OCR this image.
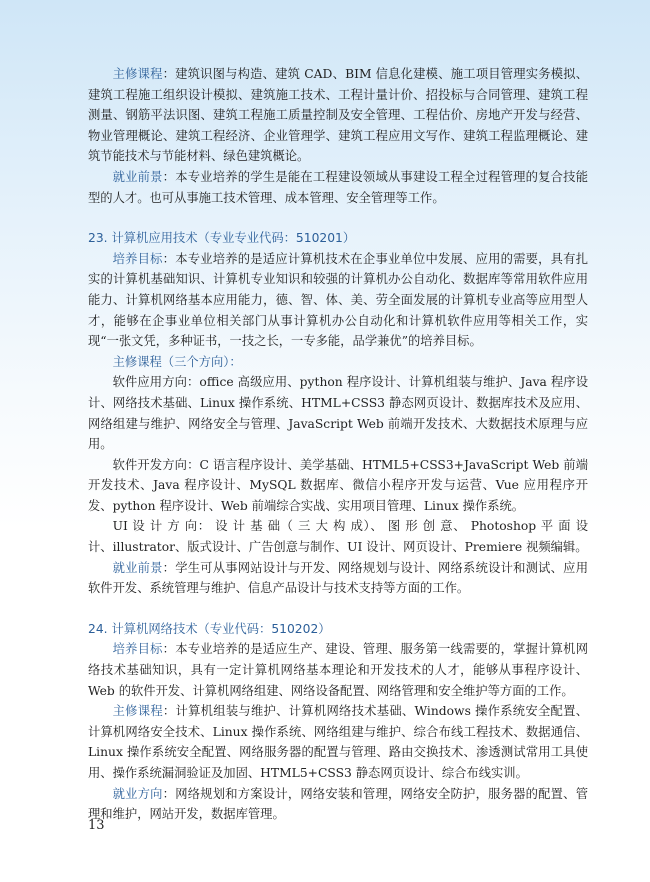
主修课程：建筑识图与构造、建筑 CAD、BIM 信息化建模、施工项目管理实务模拟、建筑工程施工组织设计模拟、建筑施工技术、工程计量计价、招投标与合同管理、建筑工程测量、钢筋平法识图、建筑工程施工质量控制及安全管理、工程估价、房地产开发与经营、物业管理概论、建筑工程经济、企业管理学、建筑工程应用文写作、建筑工程监理概论、建筑节能技术与节能材料、绿色建筑概论。

就业前景：本专业培养的学生是能在工程建设领域从事建设工程全过程管理的复合技能型的人才。也可从事施工技术管理、成本管理、安全管理等工作。

23. 计算机应用技术（专业专业代码：510201）

培养目标：本专业培养的是适应计算机技术在企事业单位中发展、应用的需要，具有扎实的计算机基础知识、计算机专业知识和较强的计算机办公自动化、数据库等常用软件应用能力、计算机网络基本应用能力，德、智、体、美、劳全面发展的计算机专业高等应用型人才，能够在企事业单位相关部门从事计算机办公自动化和计算机软件应用等相关工作，实现“一张文凭，多种证书，一技之长，一专多能，品学兼优”的培养目标。

主修课程（三个方向）：

软件应用方向：office 高级应用、python 程序设计、计算机组装与维护、Java 程序设计、网络技术基础、Linux 操作系统、HTML+CSS3 静态网页设计、数据库技术及应用、网络组建与维护、网络安全与管理、JavaScript Web 前端开发技术、大数据技术原理与应用。

软件开发方向：C 语言程序设计、美学基础、HTML5+CSS3+JavaScript Web 前端开发技术、Java 程序设计、MySQL 数据库、微信小程序开发与运营、Vue 应用程序开发、python 程序设计、Web 前端综合实战、实用项目管理、Linux 操作系统。

UI 设 计 方 向： 设 计 基 础（ 三 大 构 成）、 图 形 创 意、 Photoshop 平 面 设 计、illustrator、版式设计、广告创意与制作、UI 设计、网页设计、Premiere 视频编辑。

就业前景：学生可从事网站设计与开发、网络规划与设计、网络系统设计和测试、应用软件开发、系统管理与维护、信息产品设计与技术支持等方面的工作。

24. 计算机网络技术（专业代码：510202）

培养目标：本专业培养的是适应生产、建设、管理、服务第一线需要的，掌握计算机网络技术基础知识，具有一定计算机网络基本理论和开发技术的人才，能够从事程序设计、Web 的软件开发、计算机网络组建、网络设备配置、网络管理和安全维护等方面的工作。

主修课程：计算机组装与维护、计算机网络技术基础、Windows 操作系统安全配置、计算机网络安全技术、Linux 操作系统、网络组建与维护、综合布线工程技术、数据通信、Linux 操作系统安全配置、网络服务器的配置与管理、路由交换技术、渗透测试常用工具使用、操作系统漏洞验证及加固、HTML5+CSS3 静态网页设计、综合布线实训。

就业方向：网络规划和方案设计，网络安装和管理，网络安全防护，服务器的配置、管理和维护，网站开发，数据库管理。

13
